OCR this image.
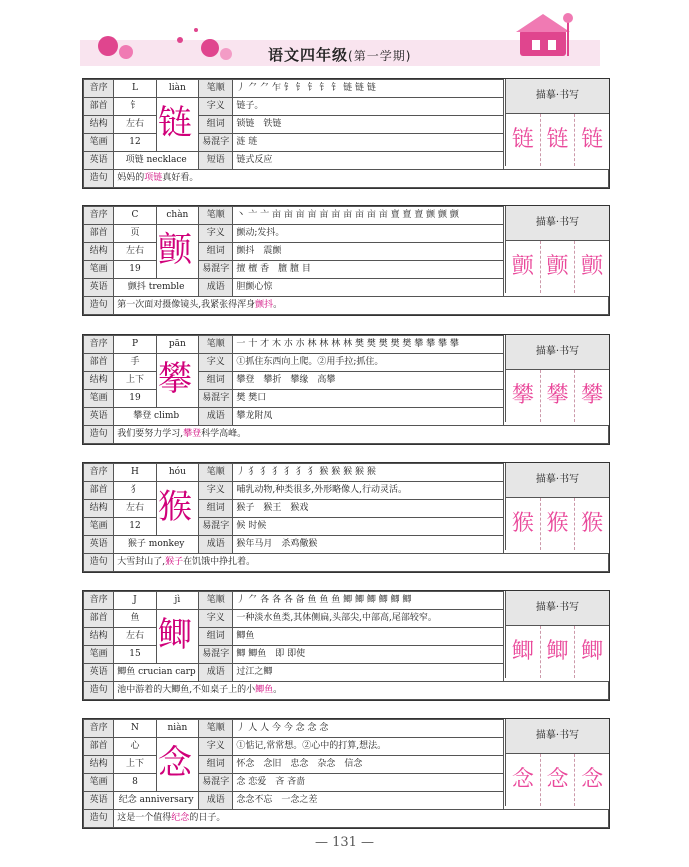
语文四年级(第一学期)
音序	L	liàn	笔顺	丿 ⺈ ⺈ 乍 钅 钅 钅 钅 钅 链 链 链	
部首	钅		字义	链子。	
结构	左右		组词	锁链　铁链	
笔画	12		易混字	涟 琏	
英语	项链 necklace		短语	链式反应	
造句	妈妈的项链真好看。				
链
描摹·书写
链 链 链
音序	C	chàn	笔顺	丶 亠 亠 亩 亩 亩 亩 亩 亩 亩 亩 亩 亩 亶 亶 亶 颤 颤 颤	
部首	页		字义	颤动;发抖。	
结构	左右		组词	颤抖　震颤	
笔画	19		易混字	擅 檀 香　膻 膻 目	
英语	颤抖 tremble		成语	胆颤心惊	
造句	第一次面对摄像镜头,我紧张得浑身颤抖。				
颤
描摹·书写
颤 颤 颤
音序	P	pān	笔顺	一 十 才 木 朩 朩 林 林 林 林 樊 樊 樊 樊 樊 攀 攀 攀 攀	
部首	手		字义	①抓住东西向上爬。②用手拉;抓住。	
结构	上下		组词	攀登　攀折　攀缘　高攀	
笔画	19		易混字	樊 樊口	
英语	攀登 climb		成语	攀龙附凤	
造句	我们要努力学习,攀登科学高峰。				
攀
描摹·书写
攀 攀 攀
音序	H	hóu	笔顺	丿 犭 犭 犭 犭 犭 犭 猴 猴 猴 猴 猴	
部首	犭		字义	哺乳动物,种类很多,外形略像人,行动灵活。	
结构	左右		组词	猴子　猴王　猴戏	
笔画	12		易混字	候 时候	
英语	猴子 monkey		成语	猴年马月　杀鸡儆猴	
造句	大雪封山了,猴子在饥饿中挣扎着。				
猴
描摹·书写
猴 猴 猴
音序	J	jì	笔顺	丿 ⺈ 各 各 各 备 鱼 鱼 鱼 鲫 鲫 鲫 鲫 鲫 鲫	
部首	鱼		字义	一种淡水鱼类,其体侧扁,头部尖,中部高,尾部较窄。	
结构	左右		组词	鲫鱼	
笔画	15		易混字	鲫 鲫鱼　即 即使	
英语	鲫鱼 crucian carp		成语	过江之鲫	
造句	池中游着的大鲫鱼,不如桌子上的小鲫鱼。				
鲫
描摹·书写
鲫 鲫 鲫
音序	N	niàn	笔顺	丿 人 人 今 今 念 念 念	
部首	心		字义	①惦记,常常想。②心中的打算,想法。	
结构	上下		组词	怀念　念旧　忠念　杂念　信念	
笔画	8		易混字	念 恋爱　吝 吝啬	
英语	纪念 anniversary		成语	念念不忘　一念之差	
造句	这是一个值得纪念的日子。				
念
描摹·书写
念 念 念
— 131 —
